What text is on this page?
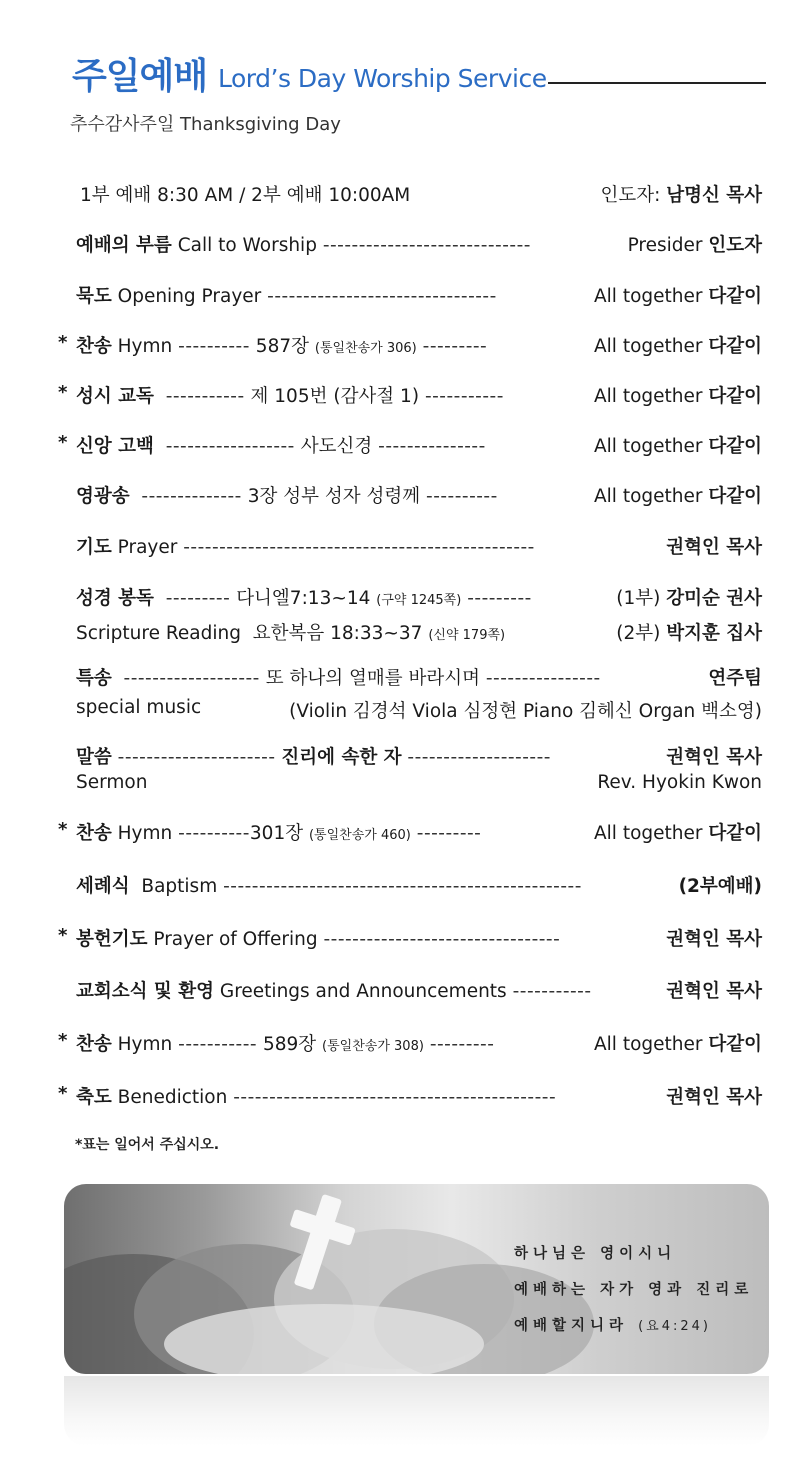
주일예배 Lord’s Day Worship Service
추수감사주일 Thanksgiving Day
1부 예배 8:30 AM / 2부 예배 10:00AM	인도자: 남명신 목사
예배의 부름 Call to Worship -----------------------------	Presider 인도자
묵도 Opening Prayer --------------------------------	All together 다같이
* 찬송 Hymn ---------- 587장 (통일찬송가 306) ---------	All together 다같이
* 성시 교독 ----------- 제 105번 (감사절 1) -----------	All together 다같이
* 신앙 고백 ------------------ 사도신경 ---------------	All together 다같이
영광송 -------------- 3장 성부 성자 성령께 ----------	All together 다같이
기도 Prayer -------------------------------------------------	권혁인 목사
성경 봉독 --------- 다니엘7:13~14 (구약 1245쪽) ---------	(1부) 강미순 권사
Scripture Reading 요한복음 18:33~37 (신약 179쪽)	(2부) 박지훈 집사
특송 ------------------- 또 하나의 열매를 바라시며 ----------------	연주팀
special music	(Violin 김경석 Viola 심정현 Piano 김헤신 Organ 백소영)
말씀 ---------------------- 진리에 속한 자 --------------------	권혁인 목사
Sermon	Rev. Hyokin Kwon
* 찬송 Hymn ----------301장 (통일찬송가 460) ---------	All together 다같이
세례식 Baptism --------------------------------------------------	(2부예배)
* 봉헌기도 Prayer of Offering ---------------------------------	권혁인 목사
교회소식 및 환영 Greetings and Announcements -----------	권혁인 목사
* 찬송 Hymn ----------- 589장 (통일찬송가 308) ---------	All together 다같이
* 축도 Benediction ---------------------------------------------	권혁인 목사
*표는 일어서 주십시오.
하나님은 영이시니
예배하는 자가 영과 진리로
예배할지니라 (요4:24)
